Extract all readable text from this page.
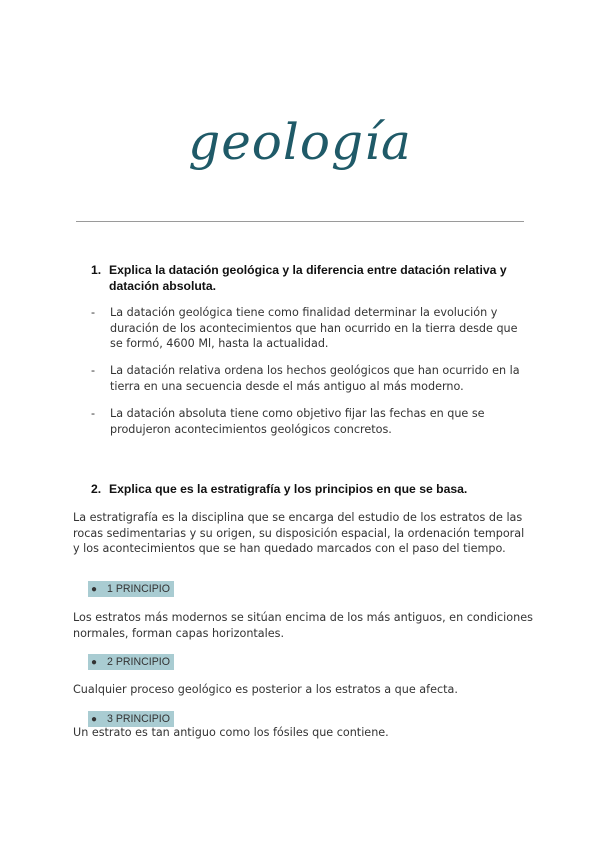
geología
1. Explica la datación geológica y la diferencia entre datación relativa y datación absoluta.
- La datación geológica tiene como finalidad determinar la evolución y duración de los acontecimientos que han ocurrido en la tierra desde que se formó, 4600 Ml, hasta la actualidad.
- La datación relativa ordena los hechos geológicos que han ocurrido en la tierra en una secuencia desde el más antiguo al más moderno.
- La datación absoluta tiene como objetivo fijar las fechas en que se produjeron acontecimientos geológicos concretos.
2. Explica que es la estratigrafía y los principios en que se basa.
La estratigrafía es la disciplina que se encarga del estudio de los estratos de las rocas sedimentarias y su origen, su disposición espacial, la ordenación temporal y los acontecimientos que se han quedado marcados con el paso del tiempo.
● 1 PRINCIPIO
Los estratos más modernos se sitúan encima de los más antiguos, en condiciones normales, forman capas horizontales.
● 2 PRINCIPIO
Cualquier proceso geológico es posterior a los estratos a que afecta.
● 3 PRINCIPIO
Un estrato es tan antiguo como los fósiles que contiene.
